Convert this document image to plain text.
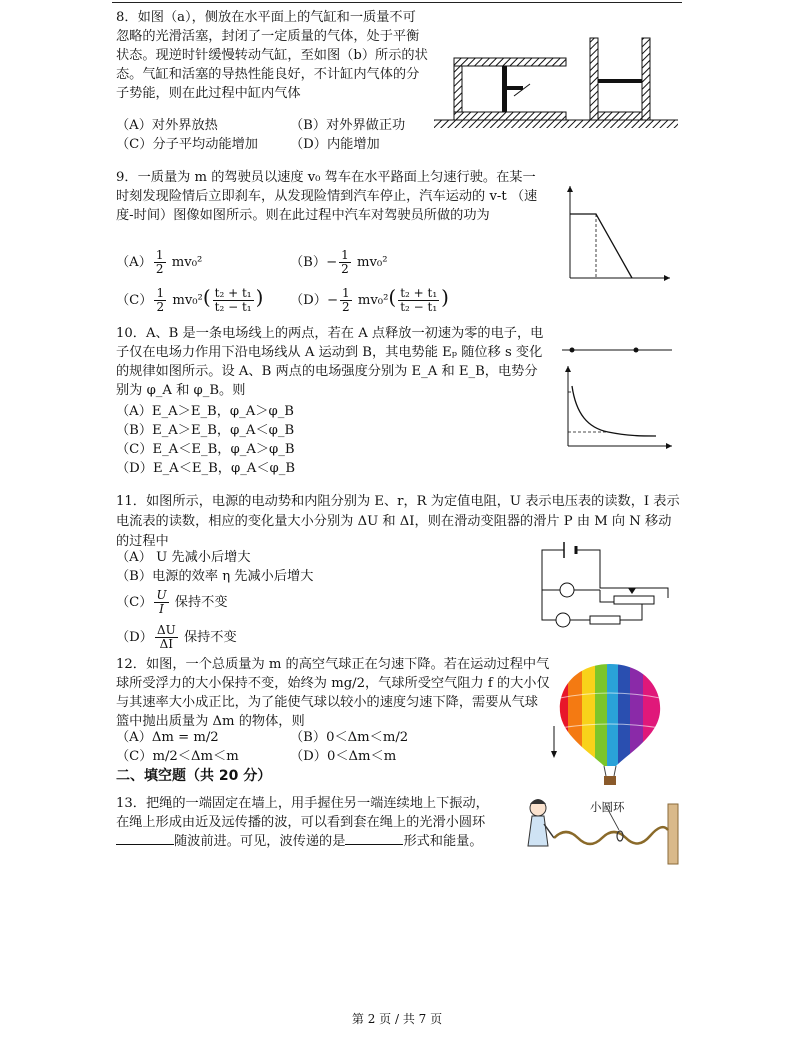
8．如图（a），侧放在水平面上的气缸和一质量不可忽略的光滑活塞，封闭了一定质量的气体，处于平衡状态。现逆时针缓慢转动气缸，至如图（b）所示的状态。气缸和活塞的导热性能良好，不计缸内气体的分子势能，则在此过程中缸内气体
（A）对外界放热	（B）对外界做正功
（C）分子平均动能增加 （D）内能增加
9．一质量为 m 的驾驶员以速度 v₀ 驾车在水平路面上匀速行驶。在某一时刻发现险情后立即刹车，从发现险情到汽车停止，汽车运动的 v-t （速度-时间）图像如图所示。则在此过程中汽车对驾驶员所做的功为
$(A) \frac{1}{2} mv_0^2$	$(B)- \frac{1}{2} mv_0^2$
$(C) \frac{1}{2} mv_0^2( \frac{\text{t₂ + t₁}}{\text{t₂ − t₁}}$ ) $(D)- \frac{1}{2} mv_0^2( \frac{\text{t₂ + t₁}}{\text{t₂ − t₁}}$ )
10．A、B 是一条电场线上的两点，若在 A 点释放一初速为零的电子，电子仅在电场力作用下沿电场线从 A 运动到 B，其电势能 Eₚ 随位移 s 变化的规律如图所示。设 A、B 两点的电场强度分别为 E_A 和 E_B，电势分别为 φ_A 和 φ_B。则
（A）E_A＞E_B，φ_A＞φ_B
（B）E_A＞E_B，φ_A＜φ_B
（C）E_A＜E_B，φ_A＞φ_B
（D）E_A＜E_B，φ_A＜φ_B
11．如图所示，电源的电动势和内阻分别为 E、r，R 为定值电阻，U 表示电压表的读数，I 表示电流表的读数，相应的变化量大小分别为 ΔU 和 ΔI，则在滑动变阻器的滑片 P 由 M 向 N 移动的过程中
（A） U 先减小后增大
（B）电源的效率 η 先减小后增大
$(C) \frac{U}{I}$ 保持不变
$(D) \frac{\Delta U}{\Delta I}$ 保持不变
12．如图，一个总质量为 m 的高空气球正在匀速下降。若在运动过程中气球所受浮力的大小保持不变，始终为 mg/2，气球所受空气阻力 f 的大小仅与其速率大小成正比，为了能使气球以较小的速度匀速下降，需要从气球篮中抛出质量为 Δm 的物体，则
（A）Δm = m/2	（B）0＜Δm＜m/2
（C）m/2＜Δm＜m	（D）0＜Δm＜m
二、填空题（共 20 分）
13．把绳的一端固定在墙上，用手握住另一端连续地上下振动，
在绳上形成由近及远传播的波，可以看到套在绳上的光滑小圆环
随波前进。可见，波传递的是	形式和能量。
小圆环
第 2 页 / 共 7 页
